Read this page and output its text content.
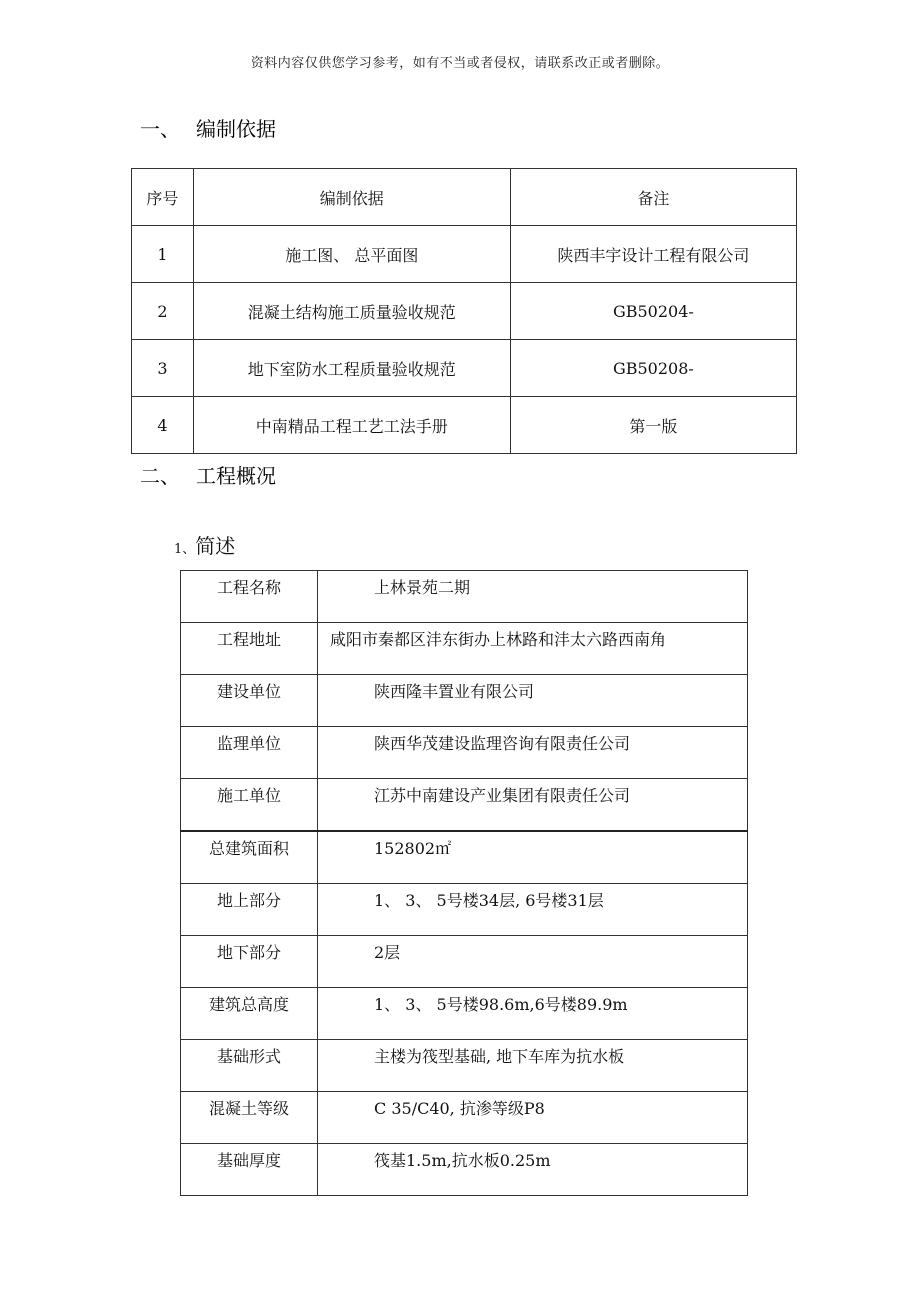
资料内容仅供您学习参考，如有不当或者侵权，请联系改正或者删除。
一、 编制依据
序号	编制依据	备注
1	施工图、 总平面图	陕西丰宇设计工程有限公司
2	混凝土结构施工质量验收规范	GB50204-
3	地下室防水工程质量验收规范	GB50208-
4	中南精品工程工艺工法手册	第一版
二、 工程概况
1、简述
工程名称	上林景苑二期
工程地址	咸阳市秦都区沣东街办上林路和沣太六路西南角
建设单位	陕西隆丰置业有限公司
监理单位	陕西华茂建设监理咨询有限责任公司
施工单位	江苏中南建设产业集团有限责任公司
总建筑面积	152802㎡
地上部分	1、 3、 5号楼34层, 6号楼31层
地下部分	2层
建筑总高度	1、 3、 5号楼98.6m,6号楼89.9m
基础形式	主楼为筏型基础, 地下车库为抗水板
混凝土等级	C 35/C40, 抗渗等级P8
基础厚度	筏基1.5m,抗水板0.25m
